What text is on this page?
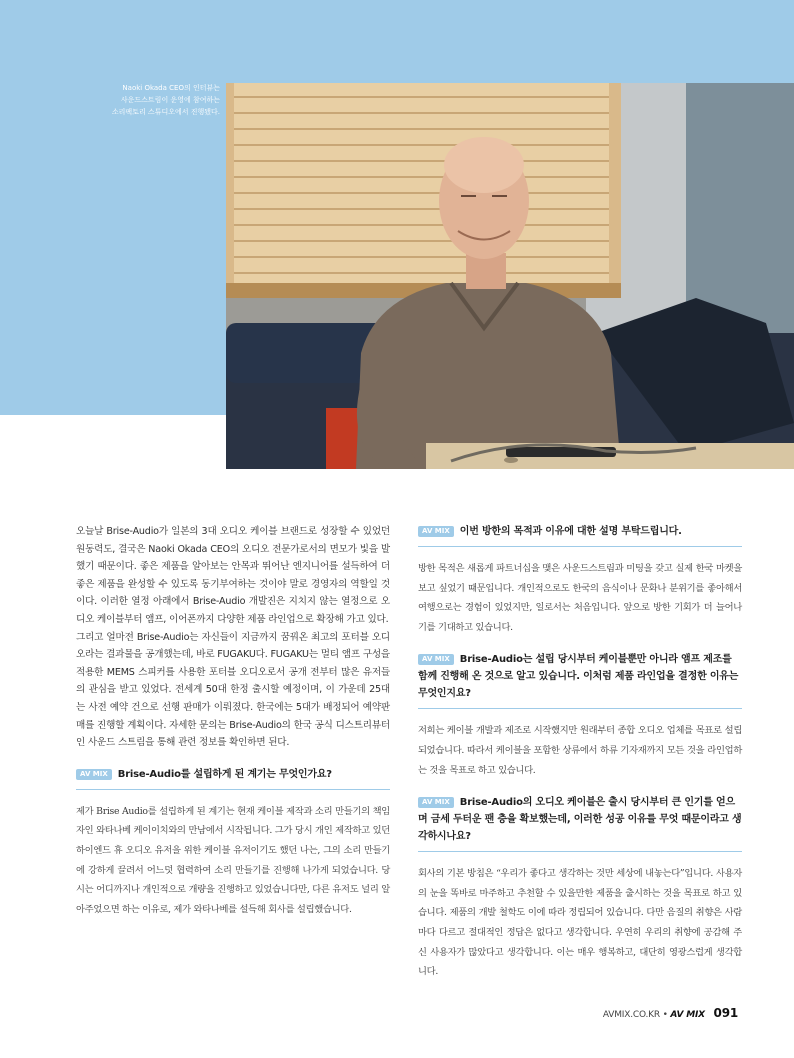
Naoki Okada CEO의 인터뷰는
사운드스트림이 운영에 참여하는
소리팩토리 스튜디오에서 진행됐다.
오늘날 Brise-Audio가 일본의 3대 오디오 케이블 브랜드로 성장할 수 있었던 원동력도, 결국은 Naoki Okada CEO의 오디오 전문가로서의 면모가 빛을 발했기 때문이다. 좋은 제품을 알아보는 안목과 뛰어난 엔지니어를 설득하여 더 좋은 제품을 완성할 수 있도록 동기부여하는 것이야 말로 경영자의 역할일 것이다. 이러한 열정 아래에서 Brise-Audio 개발진은 지치지 않는 열정으로 오디오 케이블부터 앰프, 이어폰까지 다양한 제품 라인업으로 확장해 가고 있다.
그리고 얼마전 Brise-Audio는 자신들이 지금까지 꿈꿔온 최고의 포터블 오디오라는 결과물을 공개했는데, 바로 FUGAKU다. FUGAKU는 멀티 앰프 구성을 적용한 MEMS 스피커를 사용한 포터블 오디오로서 공개 전부터 많은 유저들의 관심을 받고 있었다. 전세계 50대 한정 출시할 예정이며, 이 가운데 25대는 사전 예약 건으로 선행 판매가 이뤄졌다. 한국에는 5대가 배정되어 예약판매를 진행할 계획이다. 자세한 문의는 Brise-Audio의 한국 공식 디스트리뷰터인 사운드 스트림을 통해 관련 정보를 확인하면 된다.
AV MIX Brise-Audio를 설립하게 된 계기는 무엇인가요?
제가 Brise Audio를 설립하게 된 계기는 현재 케이블 제작과 소리 만들기의 책임자인 와타나베 케이이치와의 만남에서 시작됩니다. 그가 당시 개인 제작하고 있던 하이엔드 휴 오디오 유저을 위한 케이블 유저이기도 했던 나는, 그의 소리 만들기에 강하게 끌려서 어느덧 협력하여 소리 만들기를 진행해 나가게 되었습니다. 당시는 어디까지나 개인적으로 개량을 진행하고 있었습니다만, 다른 유저도 널리 알아주었으면 하는 이유로, 제가 와타나베를 설득해 회사를 설립했습니다.
AV MIX 이번 방한의 목적과 이유에 대한 설명 부탁드립니다.
방한 목적은 새롭게 파트너십을 맺은 사운드스트림과 미팅을 갖고 실제 한국 마켓을 보고 싶었기 때문입니다. 개인적으로도 한국의 음식이나 문화나 분위기를 좋아해서 여행으로는 경험이 있었지만, 일로서는 처음입니다. 앞으로 방한 기회가 더 늘어나기를 기대하고 있습니다.
AV MIX Brise-Audio는 설립 당시부터 케이블뿐만 아니라 앰프 제조를 함께 진행해 온 것으로 알고 있습니다. 이처럼 제품 라인업을 결정한 이유는 무엇인지요?
저희는 케이블 개발과 제조로 시작했지만 원래부터 종합 오디오 업체를 목표로 설립되었습니다. 따라서 케이블을 포함한 상류에서 하류 기자재까지 모든 것을 라인업하는 것을 목표로 하고 있습니다.
AV MIX Brise-Audio의 오디오 케이블은 출시 당시부터 큰 인기를 얻으며 금세 두터운 팬 층을 확보했는데, 이러한 성공 이유를 무엇 때문이라고 생각하시나요?
회사의 기본 방침은 “우리가 좋다고 생각하는 것만 세상에 내놓는다”입니다. 사용자의 눈을 똑바로 마주하고 추천할 수 있을만한 제품을 출시하는 것을 목표로 하고 있습니다. 제품의 개발 철학도 이에 따라 정립되어 있습니다. 다만 음질의 취향은 사람마다 다르고 절대적인 정답은 없다고 생각합니다. 우연히 우리의 취향에 공감해 주신 사용자가 많았다고 생각합니다. 이는 매우 행복하고, 대단히 영광스럽게 생각합니다.
AVMIX.CO.KR • AV MIX 091
